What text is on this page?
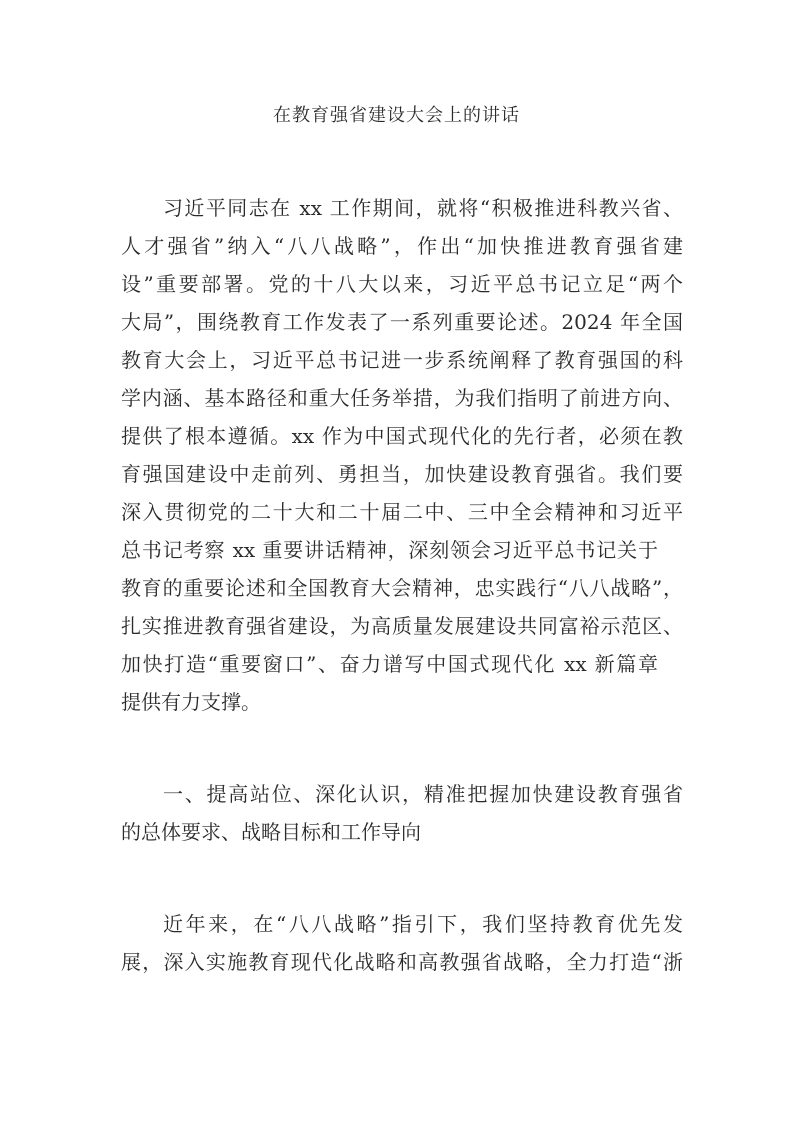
在教育强省建设大会上的讲话
习近平同志在 xx 工作期间，就将“积极推进科教兴省、
人才强省”纳入“八八战略”，作出“加快推进教育强省建
设”重要部署。党的十八大以来，习近平总书记立足“两个
大局”，围绕教育工作发表了一系列重要论述。2024 年全国
教育大会上，习近平总书记进一步系统阐释了教育强国的科
学内涵、基本路径和重大任务举措，为我们指明了前进方向、
提供了根本遵循。xx 作为中国式现代化的先行者，必须在教
育强国建设中走前列、勇担当，加快建设教育强省。我们要
深入贯彻党的二十大和二十届二中、三中全会精神和习近平
总书记考察 xx 重要讲话精神，深刻领会习近平总书记关于
教育的重要论述和全国教育大会精神，忠实践行“八八战略”，
扎实推进教育强省建设，为高质量发展建设共同富裕示范区、
加快打造“重要窗口”、奋力谱写中国式现代化 xx 新篇章
提供有力支撑。
一、提高站位、深化认识，精准把握加快建设教育强省
的总体要求、战略目标和工作导向
近年来，在“八八战略”指引下，我们坚持教育优先发
展，深入实施教育现代化战略和高教强省战略，全力打造“浙
